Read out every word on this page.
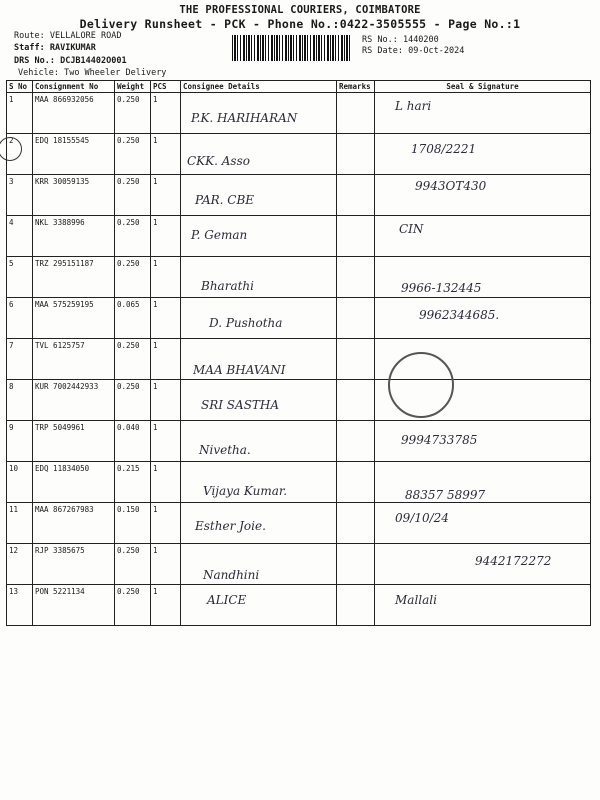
THE PROFESSIONAL COURIERS, COIMBATORE
Delivery Runsheet - PCK - Phone No.:0422-3505555 - Page No.:1
Route: VELLALORE ROAD
Staff: RAVIKUMAR
DRS No.: DCJB14402O001
Vehicle: Two Wheeler Delivery
RS No.: 1440200
RS Date: 09-Oct-2024
S No	Consignment No	Weight	PCS	Consignee Details	Remarks	Seal & Signature
1	MAA 866932056	0.250	1	P.K. HARIHARAN		L hari

2	EDQ 18155545	0.250	1	CKK. Asso		1708/2221

3	KRR 30059135	0.250	1	PAR. CBE		9943OT430

4	NKL 3388996	0.250	1	P. Geman		CIN

5	TRZ 295151187	0.250	1	Bharathi		9966-132445

6	MAA 575259195	0.065	1	D. Pushotha		9962344685.

7	TVL 6125757	0.250	1	MAA BHAVANI		

8	KUR 7002442933	0.250	1	SRI SASTHA		

9	TRP 5049961	0.040	1	Nivetha.		9994733785

10	EDQ 11834050	0.215	1	Vijaya Kumar.		88357 58997

11	MAA 867267983	0.150	1	Esther Joie.		09/10/24

12	RJP 3385675	0.250	1	Nandhini		9442172272

13	PON 5221134	0.250	1	ALICE		Mallali
